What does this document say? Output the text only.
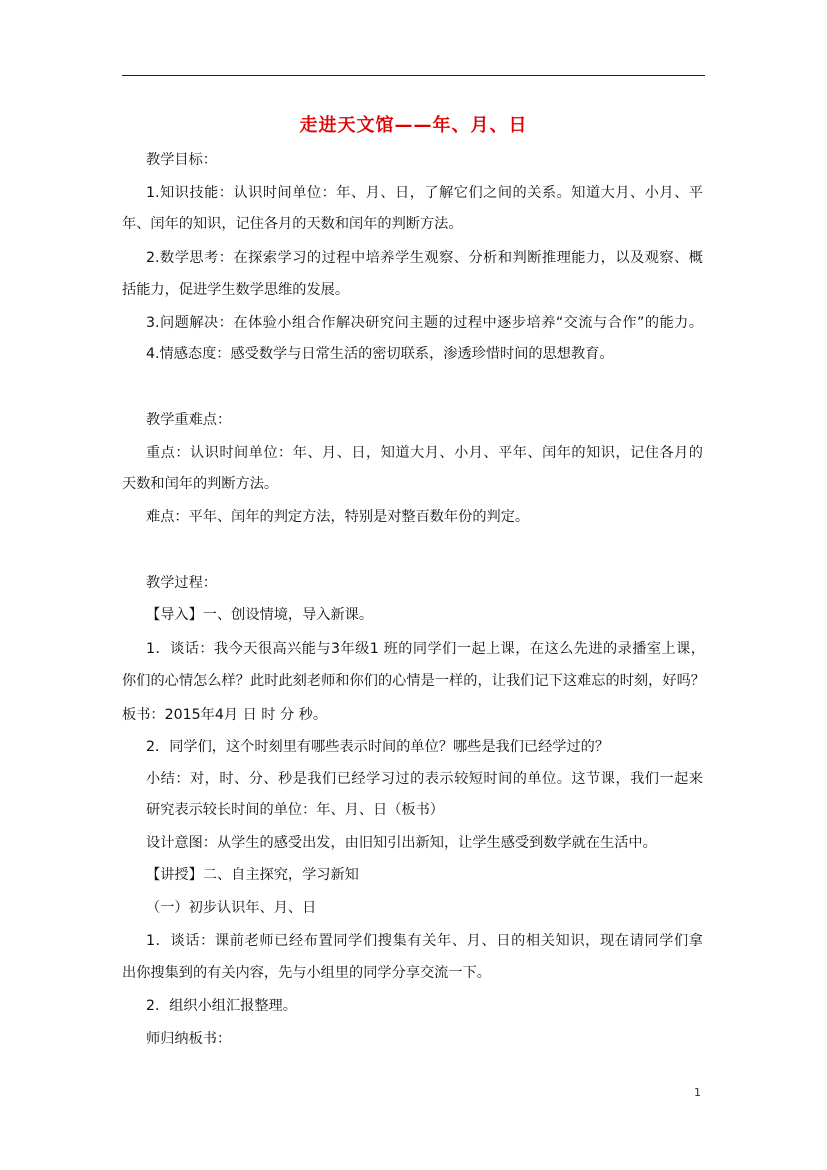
走进天文馆——年、月、日
教学目标：
1.知识技能：认识时间单位：年、月、日，了解它们之间的关系。知道大月、小月、平
年、闰年的知识，记住各月的天数和闰年的判断方法。
2.数学思考：在探索学习的过程中培养学生观察、分析和判断推理能力，以及观察、概
括能力，促进学生数学思维的发展。
3.问题解决：在体验小组合作解决研究问主题的过程中逐步培养“交流与合作”的能力。
4.情感态度：感受数学与日常生活的密切联系，渗透珍惜时间的思想教育。
教学重难点：
重点：认识时间单位：年、月、日，知道大月、小月、平年、闰年的知识，记住各月的
天数和闰年的判断方法。
难点：平年、闰年的判定方法，特别是对整百数年份的判定。
教学过程：
【导入】一、创设情境，导入新课。
1．谈话：我今天很高兴能与3年级1 班的同学们一起上课，在这么先进的录播室上课，
你们的心情怎么样？此时此刻老师和你们的心情是一样的，让我们记下这难忘的时刻，好吗？
板书：2015年4月 日 时 分 秒。
2．同学们，这个时刻里有哪些表示时间的单位？哪些是我们已经学过的？
小结：对，时、分、秒是我们已经学习过的表示较短时间的单位。这节课，我们一起来
研究表示较长时间的单位：年、月、日（板书）
设计意图：从学生的感受出发，由旧知引出新知，让学生感受到数学就在生活中。
【讲授】二、自主探究，学习新知
（一）初步认识年、月、日
1．谈话：课前老师已经布置同学们搜集有关年、月、日的相关知识，现在请同学们拿
出你搜集到的有关内容，先与小组里的同学分享交流一下。
2．组织小组汇报整理。
师归纳板书：
1
